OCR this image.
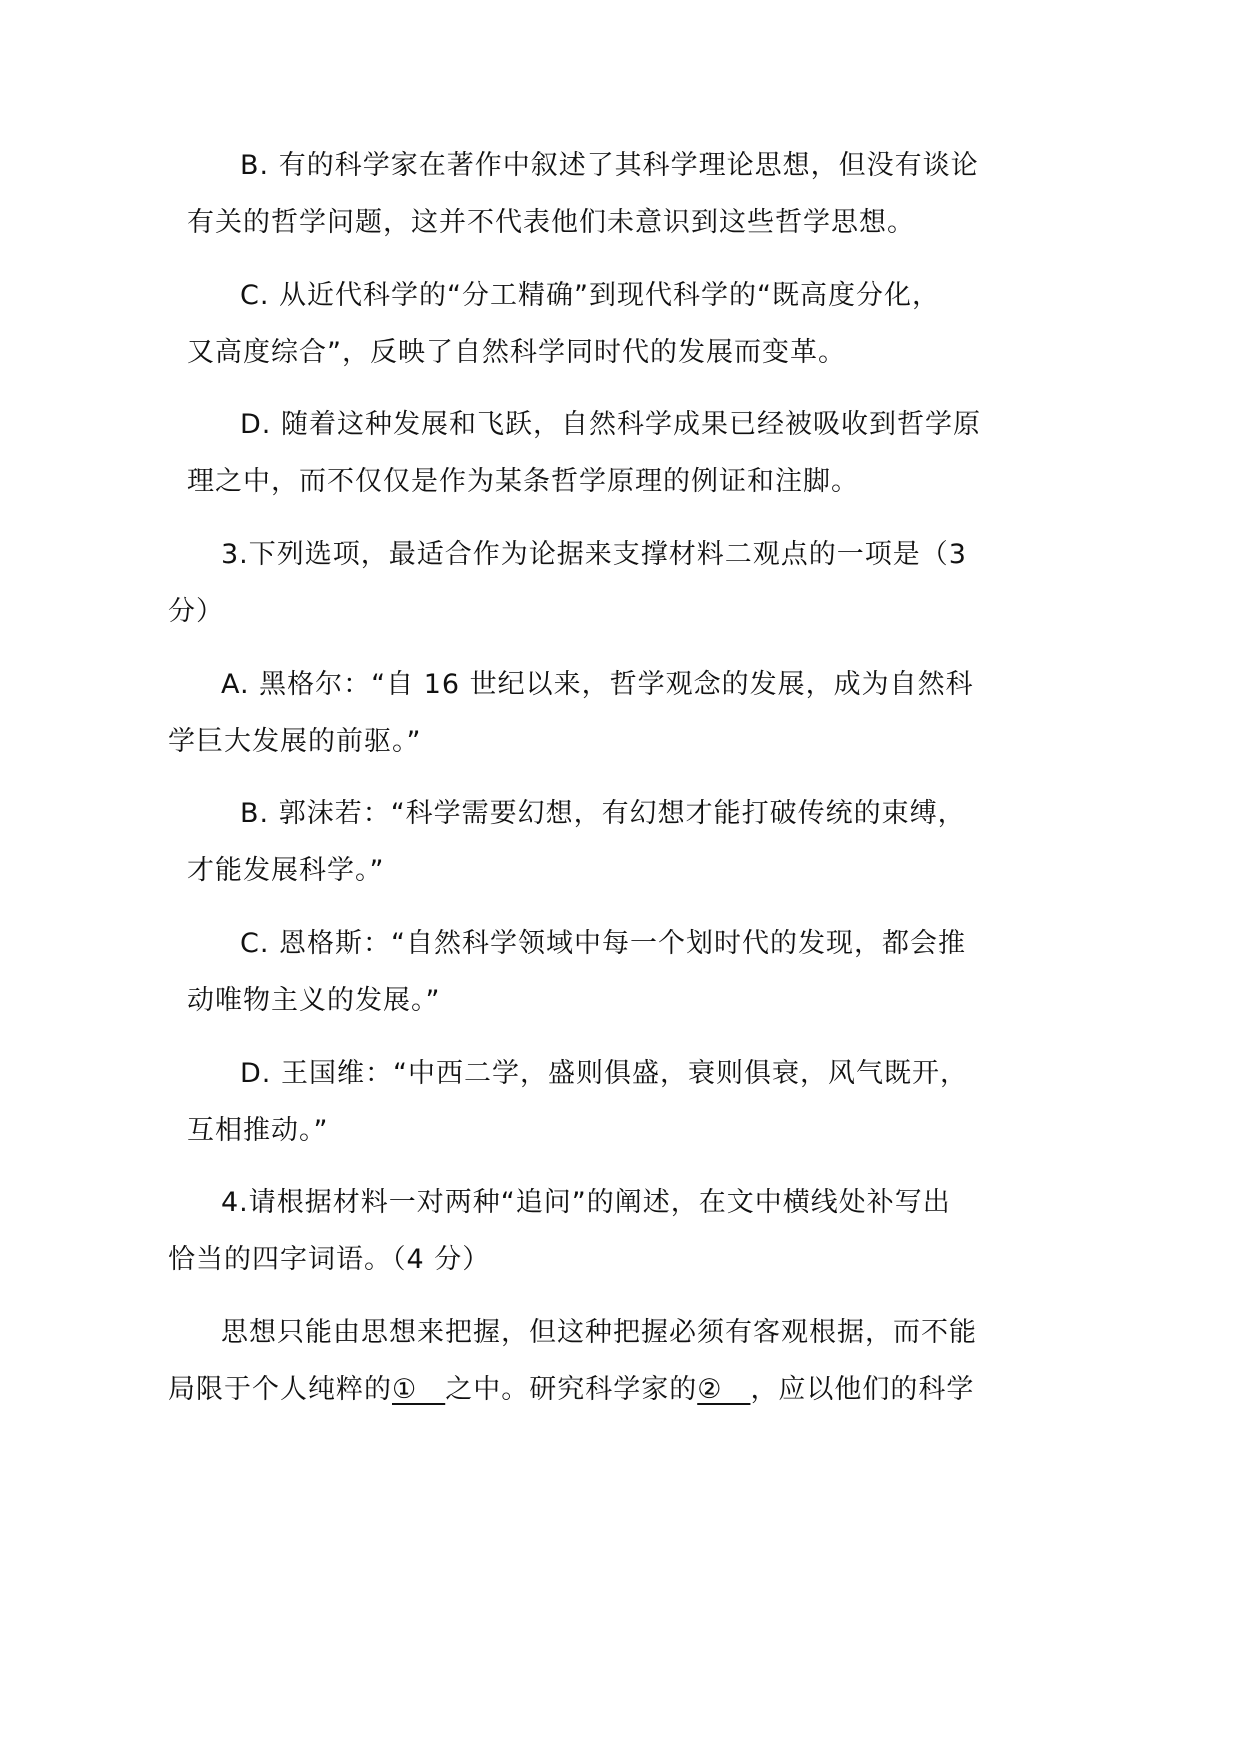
B. 有的科学家在著作中叙述了其科学理论思想，但没有谈论
有关的哲学问题，这并不代表他们未意识到这些哲学思想。
C. 从近代科学的“分工精确”到现代科学的“既高度分化，
又高度综合”，反映了自然科学同时代的发展而变革。
D. 随着这种发展和飞跃，自然科学成果已经被吸收到哲学原
理之中，而不仅仅是作为某条哲学原理的例证和注脚。
3.下列选项，最适合作为论据来支撑材料二观点的一项是（3
分）
A. 黑格尔：“自 16 世纪以来，哲学观念的发展，成为自然科
学巨大发展的前驱。”
B. 郭沫若：“科学需要幻想，有幻想才能打破传统的束缚，
才能发展科学。”
C. 恩格斯：“自然科学领域中每一个划时代的发现，都会推
动唯物主义的发展。”
D. 王国维：“中西二学，盛则俱盛，衰则俱衰，风气既开，
互相推动。”
4.请根据材料一对两种“追问”的阐述，在文中横线处补写出
恰当的四字词语。（4 分）
思想只能由思想来把握，但这种把握必须有客观根据，而不能
局限于个人纯粹的①　之中。研究科学家的②　，应以他们的科学
